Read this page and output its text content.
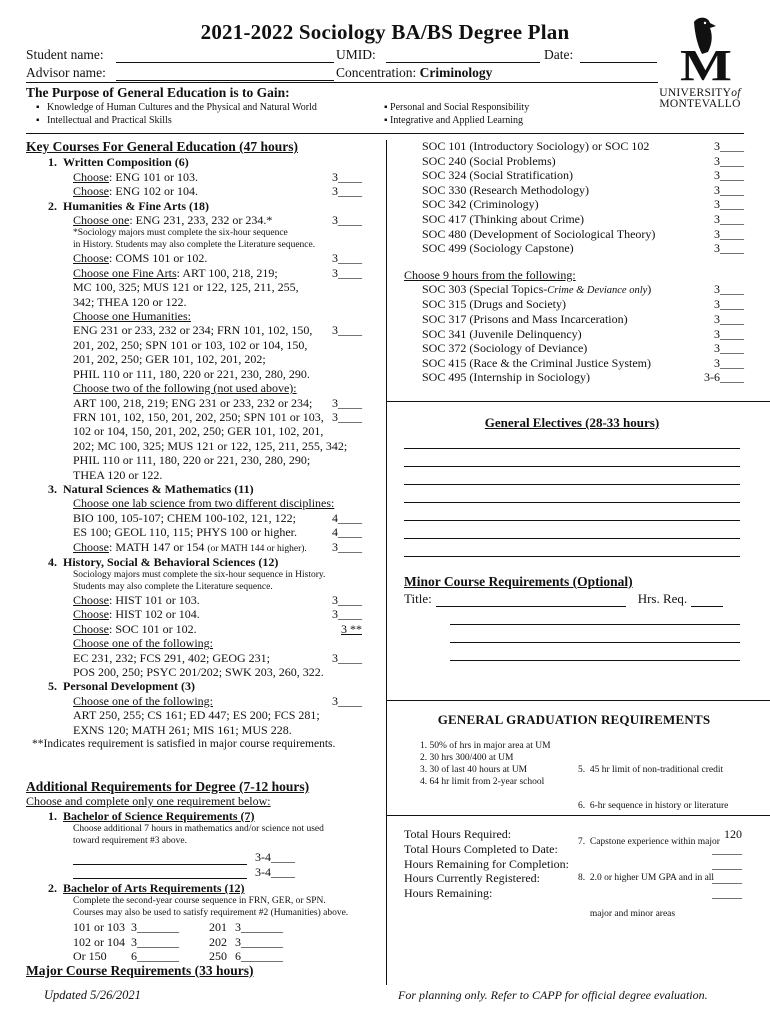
2021-2022 Sociology BA/BS Degree Plan
Student name:	UMID:	Date:
Advisor name:	Concentration: Criminology
The Purpose of General Education is to Gain:
▪ Knowledge of Human Cultures and the Physical and Natural World
▪ Intellectual and Practical Skills
▪ Personal and Social Responsibility
▪ Integrative and Applied Learning
M
UNIVERSITYof
MONTEVALLO
Key Courses For General Education (47 hours)
1. Written Composition (6)
Choose: ENG 101 or 103.	3____
Choose: ENG 102 or 104.	3____
2. Humanities & Fine Arts (18)
Choose one: ENG 231, 233, 232 or 234.*	3____
*Sociology majors must complete the six-hour sequence
in History. Students may also complete the Literature sequence.
Choose: COMS 101 or 102.	3____
Choose one Fine Arts: ART 100, 218, 219;	3____
MC 100, 325; MUS 121 or 122, 125, 211, 255,
342; THEA 120 or 122.
Choose one Humanities:
ENG 231 or 233, 232 or 234; FRN 101, 102, 150, 3____
201, 202, 250; SPN 101 or 103, 102 or 104, 150,
201, 202, 250; GER 101, 102, 201, 202;
PHIL 110 or 111, 180, 220 or 221, 230, 280, 290.
Choose two of the following (not used above):
ART 100, 218, 219; ENG 231 or 233, 232 or 234; 3____
FRN 101, 102, 150, 201, 202, 250; SPN 101 or 103, 3____
102 or 104, 150, 201, 202, 250; GER 101, 102, 201,
202; MC 100, 325; MUS 121 or 122, 125, 211, 255, 342;
PHIL 110 or 111, 180, 220 or 221, 230, 280, 290;
THEA 120 or 122.
3. Natural Sciences & Mathematics (11)
Choose one lab science from two different disciplines:
BIO 100, 105-107; CHEM 100-102, 121, 122;	4____
ES 100; GEOL 110, 115; PHYS 100 or higher.	4____
Choose: MATH 147 or 154 (or MATH 144 or higher). 3____
4. History, Social & Behavioral Sciences (12)
Sociology majors must complete the six-hour sequence in History.
Students may also complete the Literature sequence.
Choose: HIST 101 or 103.	3____
Choose: HIST 102 or 104.	3____
Choose: SOC 101 or 102.	3 **
Choose one of the following:
EC 231, 232; FCS 291, 402; GEOG 231;	3____
POS 200, 250; PSYC 201/202; SWK 203, 260, 322.
5. Personal Development (3)
Choose one of the following:	3____
ART 250, 255; CS 161; ED 447; ES 200; FCS 281;
EXNS 120; MATH 261; MIS 161; MUS 228.
**Indicates requirement is satisfied in major course requirements.
Additional Requirements for Degree (7-12 hours)
Choose and complete only one requirement below:
1. Bachelor of Science Requirements (7)
Choose additional 7 hours in mathematics and/or science not used
toward requirement #3 above.
3-4____
3-4____
2. Bachelor of Arts Requirements (12)
Complete the second-year course sequence in FRN, GER, or SPN.
Courses may also be used to satisfy requirement #2 (Humanities) above.
101 or 103 3_______	201 3_______
102 or 104 3_______	202 3_______
Or 150	6_______	250 6_______
Major Course Requirements (33 hours)
Updated 5/26/2021
SOC 101 (Introductory Sociology) or SOC 102	3____
SOC 240 (Social Problems)	3____
SOC 324 (Social Stratification)	3____
SOC 330 (Research Methodology)	3____
SOC 342 (Criminology)	3____
SOC 417 (Thinking about Crime)	3____
SOC 480 (Development of Sociological Theory)	3____
SOC 499 (Sociology Capstone)	3____
Choose 9 hours from the following:
SOC 303 (Special Topics-Crime & Deviance only)	3____
SOC 315 (Drugs and Society)	3____
SOC 317 (Prisons and Mass Incarceration)	3____
SOC 341 (Juvenile Delinquency)	3____
SOC 372 (Sociology of Deviance)	3____
SOC 415 (Race & the Criminal Justice System)	3____
SOC 495 (Internship in Sociology)	3-6____
General Electives (28-33 hours)
Minor Course Requirements (Optional)
Title:	Hrs. Req.
GENERAL GRADUATION REQUIREMENTS
1. 50% of hrs in major area at UM
2. 30 hrs 300/400 at UM
3. 30 of last 40 hours at UM
4. 64 hr limit from 2-year school

5.  45 hr limit of non-traditional credit

6.  6-hr sequence in history or literature

7.  Capstone experience within major

8.  2.0 or higher UM GPA and in all

major and minor areas

Total Hours Required:	120
Total Hours Completed to Date:	_____
Hours Remaining for Completion:	_____
Hours Currently Registered:	_____
Hours Remaining:	_____
For planning only. Refer to CAPP for official degree evaluation.
